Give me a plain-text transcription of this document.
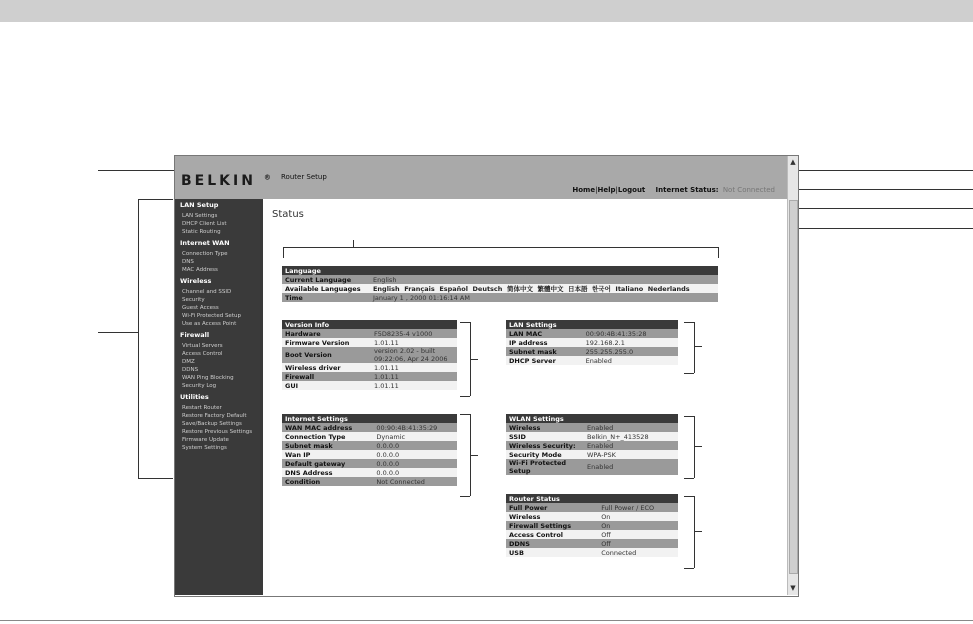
BELKIN ® Router Setup
Home|Help|Logout Internet Status: Not Connected
▲
▼
LAN Setup
LAN Settings
DHCP Client List
Static Routing
Internet WAN
Connection Type
DNS
MAC Address
Wireless
Channel and SSID
Security
Guest Access
Wi-Fi Protected Setup
Use as Access Point
Firewall
Virtual Servers
Access Control
DMZ
DDNS
WAN Ping Blocking
Security Log
Utilities
Restart Router
Restore Factory Default
Save/Backup Settings
Restore Previous Settings
Firmware Update
System Settings
Status
Language	
Current Language	English
Available Languages	English Français Español Deutsch 简体中文 繁體中文 日本語 한국어 Italiano Nederlands
Time	January 1 , 2000 01:16:14 AM
Version Info	
Hardware	F5D8235-4 v1000
Firmware Version	1.01.11
Boot Version	version 2.02 - built 09:22:06, Apr 24 2006
Wireless driver	1.01.11
Firewall	1.01.11
GUI	1.01.11
LAN Settings	
LAN MAC	00:90:4B:41:35:28
IP address	192.168.2.1
Subnet mask	255.255.255.0
DHCP Server	Enabled
Internet Settings	
WAN MAC address	00:90:4B:41:35:29
Connection Type	Dynamic
Subnet mask	0.0.0.0
Wan IP	0.0.0.0
Default gateway	0.0.0.0
DNS Address	0.0.0.0
Condition	Not Connected
WLAN Settings	
Wireless	Enabled
SSID	Belkin_N+_413528
Wireless Security:	Enabled
Security Mode	WPA-PSK
Wi-Fi Protected Setup	Enabled
Router Status	
Full Power	Full Power / ECO
Wireless	On
Firewall Settings	On
Access Control	Off
DDNS	Off
USB	Connected
